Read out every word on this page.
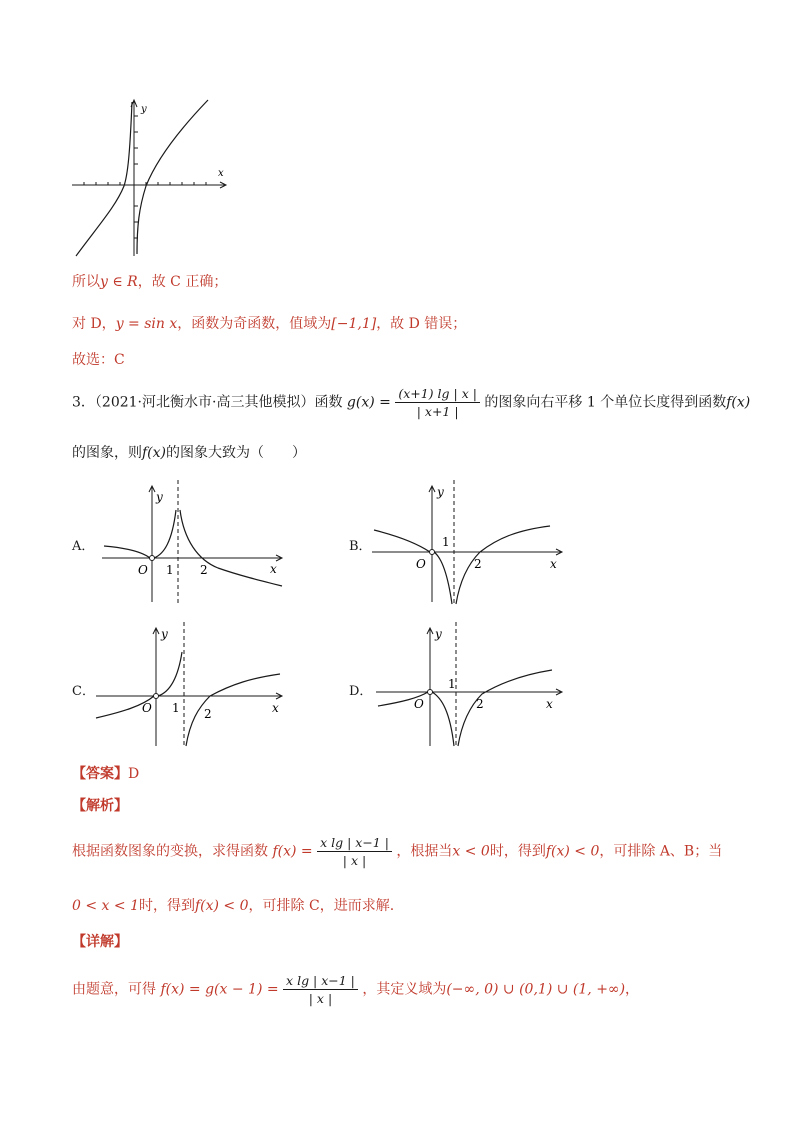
y
x
所以y ∈ R，故 C 正确；
对 D，y = sin x，函数为奇函数，值域为[−1,1]，故 D 错误；
故选：C
3．（2021·河北衡水市·高三其他模拟）函数 $g(x) = \frac{(x+1) \lg | x |}{| x+1 |}$ 的图象向右平移 1 个单位长度得到函数f(x)
的图象，则f(x)的图象大致为（　　）
A．
y
x
O 1 2
B．
y
x
O
1
2
C．
y
x
O 1 2
D．
y
x
O
1
2
【答案】D
【解析】
根据函数图象的变换，求得函数 $f(x) = \frac{\text{x lg | x−1 |}}{| x |}$ ，根据当x < 0时，得到f(x) < 0，可排除 A、B；当
0 < x < 1时，得到f(x) < 0，可排除 C，进而求解.
【详解】
由题意，可得 $f(x) = g(x - 1) = \frac{\text{x lg | x−1 |}}{| x |}$ ，其定义域为(−∞, 0) ∪ (0,1) ∪ (1, +∞)，
